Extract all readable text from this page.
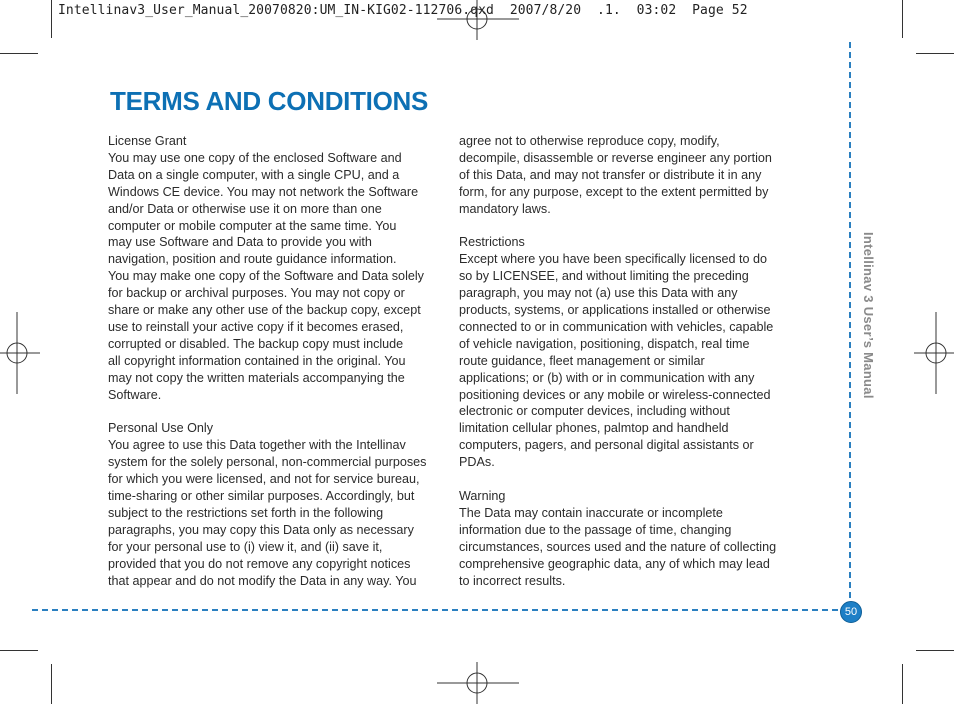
Intellinav3_User_Manual_20070820:UM_IN-KIG02-112706.qxd  2007/8/20  .1.  03:02  Page 52
TERMS AND CONDITIONS

License Grant
You may use one copy of the enclosed Software and
Data on a single computer, with a single CPU, and a
Windows CE device. You may not network the Software
and/or Data or otherwise use it on more than one
computer or mobile computer at the same time. You
may use Software and Data to provide you with
navigation, position and route guidance information.
You may make one copy of the Software and Data solely
for backup or archival purposes. You may not copy or
share or make any other use of the backup copy, except
use to reinstall your active copy if it becomes erased,
corrupted or disabled. The backup copy must include
all copyright information contained in the original. You
may not copy the written materials accompanying the
Software.

Personal Use Only
You agree to use this Data together with the Intellinav
system for the solely personal, non-commercial purposes
for which you were licensed, and not for service bureau,
time-sharing or other similar purposes. Accordingly, but
subject to the restrictions set forth in the following
paragraphs, you may copy this Data only as necessary
for your personal use to (i) view it, and (ii) save it,
provided that you do not remove any copyright notices
that appear and do not modify the Data in any way. You

agree not to otherwise reproduce copy, modify,
decompile, disassemble or reverse engineer any portion
of this Data, and may not transfer or distribute it in any
form, for any purpose, except to the extent permitted by
mandatory laws.

Restrictions
Except where you have been specifically licensed to do
so by LICENSEE, and without limiting the preceding
paragraph, you may not (a) use this Data with any
products, systems, or applications installed or otherwise
connected to or in communication with vehicles, capable
of vehicle navigation, positioning, dispatch, real time
route guidance, fleet management or similar
applications; or (b) with or in communication with any
positioning devices or any mobile or wireless-connected
electronic or computer devices, including without
limitation cellular phones, palmtop and handheld
computers, pagers, and personal digital assistants or
PDAs.

Warning
The Data may contain inaccurate or incomplete
information due to the passage of time, changing
circumstances, sources used and the nature of collecting
comprehensive geographic data, any of which may lead
to incorrect results.

Intellinav 3 User’s Manual
50
